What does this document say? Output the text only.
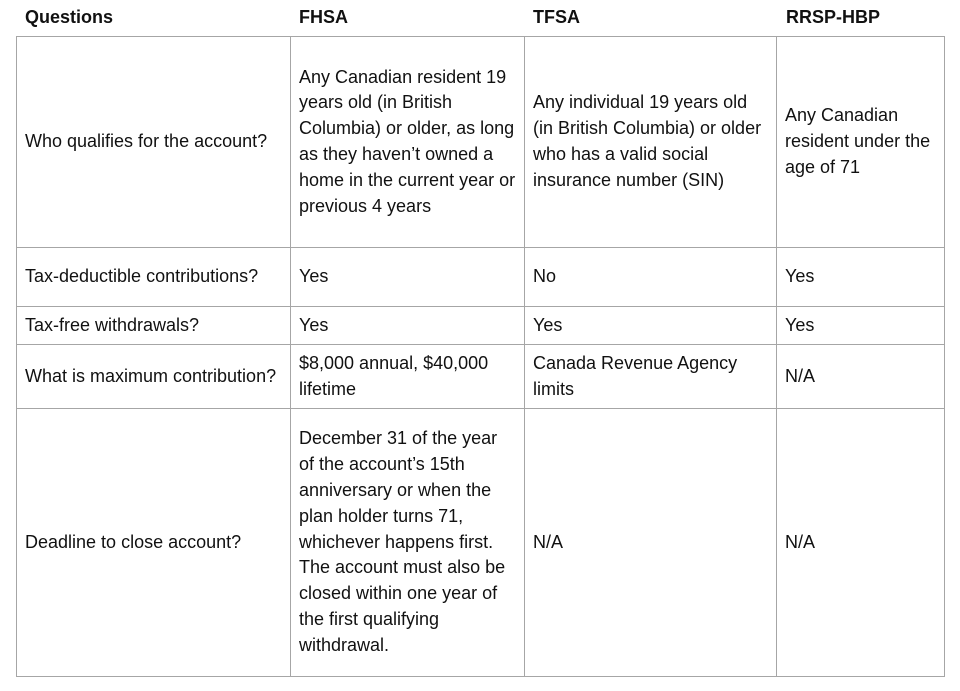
Questions	FHSA	TFSA	RRSP-HBP
Who qualifies for the account?	Any Canadian resident 19 years old (in British Columbia) or older, as long as they haven’t owned a home in the current year or previous 4 years	Any individual 19 years old (in British Columbia) or older who has a valid social insurance number (SIN)	Any Canadian resident under the age of 71
Tax-deductible contributions?	Yes	No	Yes
Tax-free withdrawals?	Yes	Yes	Yes
What is maximum contribution?	$8,000 annual, $40,000 lifetime	Canada Revenue Agency limits	N/A
Deadline to close account?	December 31 of the year of the account’s 15th anniversary or when the plan holder turns 71, whichever happens first. The account must also be closed within one year of the first qualifying withdrawal.	N/A	N/A
